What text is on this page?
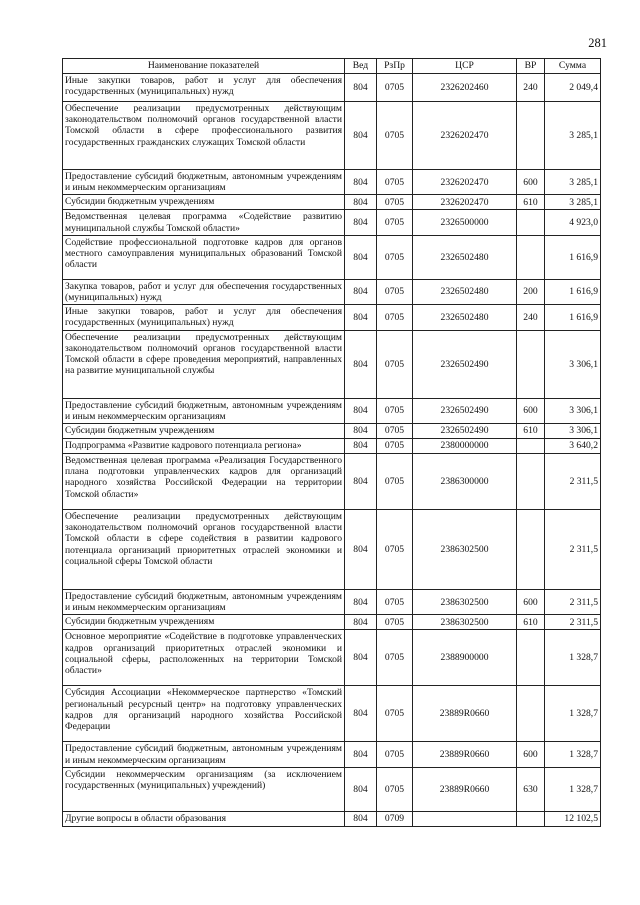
281
Наименование показателей	Вед	РзПр	ЦСР	ВР	Сумма
Иные закупки товаров, работ и услуг для обеспечения государственных (муниципальных) нужд	804	0705	2326202460	240	2 049,4
Обеспечение реализации предусмотренных действующим законодательством полномочий органов государственной власти Томской области в сфере профессионального развития государственных гражданских служащих Томской области	804	0705	2326202470		3 285,1
Предоставление субсидий бюджетным, автономным учреждениям и иным некоммерческим организациям	804	0705	2326202470	600	3 285,1
Субсидии бюджетным учреждениям	804	0705	2326202470	610	3 285,1
Ведомственная целевая программа «Содействие развитию муниципальной службы Томской области»	804	0705	2326500000		4 923,0
Содействие профессиональной подготовке кадров для органов местного самоуправления муниципальных образований Томской области	804	0705	2326502480		1 616,9
Закупка товаров, работ и услуг для обеспечения государственных (муниципальных) нужд	804	0705	2326502480	200	1 616,9
Иные закупки товаров, работ и услуг для обеспечения государственных (муниципальных) нужд	804	0705	2326502480	240	1 616,9
Обеспечение реализации предусмотренных действующим законодательством полномочий органов государственной власти Томской области в сфере проведения мероприятий, направленных на развитие муниципальной службы	804	0705	2326502490		3 306,1
Предоставление субсидий бюджетным, автономным учреждениям и иным некоммерческим организациям	804	0705	2326502490	600	3 306,1
Субсидии бюджетным учреждениям	804	0705	2326502490	610	3 306,1
Подпрограмма «Развитие кадрового потенциала региона»	804	0705	2380000000		3 640,2
Ведомственная целевая программа «Реализация Государственного плана подготовки управленческих кадров для организаций народного хозяйства Российской Федерации на территории Томской области»	804	0705	2386300000		2 311,5
Обеспечение реализации предусмотренных действующим законодательством полномочий органов государственной власти Томской области в сфере содействия в развитии кадрового потенциала организаций приоритетных отраслей экономики и социальной сферы Томской области	804	0705	2386302500		2 311,5
Предоставление субсидий бюджетным, автономным учреждениям и иным некоммерческим организациям	804	0705	2386302500	600	2 311,5
Субсидии бюджетным учреждениям	804	0705	2386302500	610	2 311,5
Основное мероприятие «Содействие в подготовке управленческих кадров организаций приоритетных отраслей экономики и социальной сферы, расположенных на территории Томской области»	804	0705	2388900000		1 328,7
Субсидия Ассоциации «Некоммерческое партнерство «Томский региональный ресурсный центр» на подготовку управленческих кадров для организаций народного хозяйства Российской Федерации	804	0705	23889R0660		1 328,7
Предоставление субсидий бюджетным, автономным учреждениям и иным некоммерческим организациям	804	0705	23889R0660	600	1 328,7
Субсидии некоммерческим организациям (за исключением государственных (муниципальных) учреждений)	804	0705	23889R0660	630	1 328,7
Другие вопросы в области образования	804	0709			12 102,5
